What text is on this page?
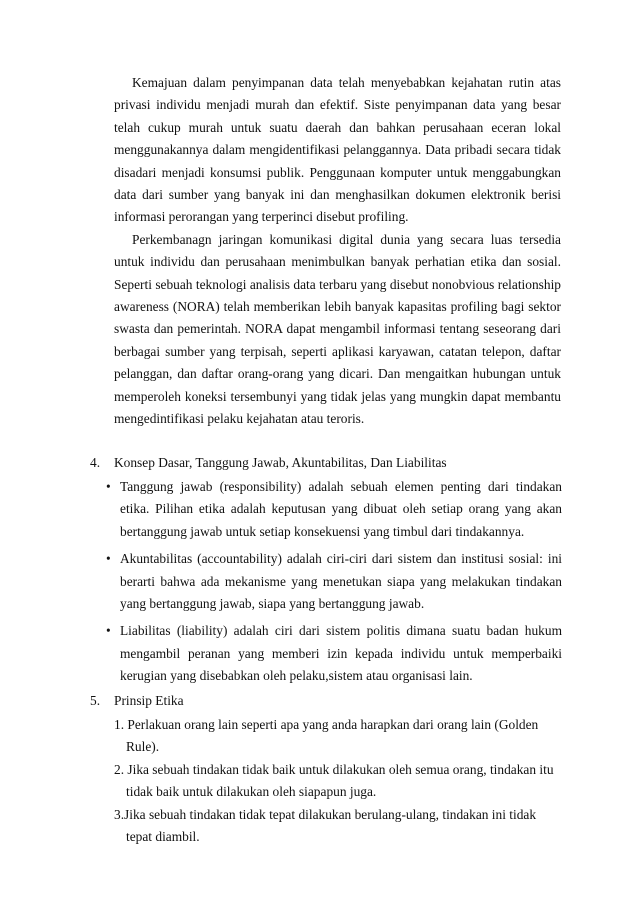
Kemajuan dalam penyimpanan data telah menyebabkan kejahatan rutin atas privasi individu menjadi murah dan efektif. Siste penyimpanan data yang besar telah cukup murah untuk suatu daerah dan bahkan perusahaan eceran lokal menggunakannya dalam mengidentifikasi pelanggannya. Data pribadi secara tidak disadari menjadi konsumsi publik. Penggunaan komputer untuk menggabungkan data dari sumber yang banyak ini dan menghasilkan dokumen elektronik berisi informasi perorangan yang terperinci disebut profiling.

Perkembanagn jaringan komunikasi digital dunia yang secara luas tersedia untuk individu dan perusahaan menimbulkan banyak perhatian etika dan sosial. Seperti sebuah teknologi analisis data terbaru yang disebut nonobvious relationship awareness (NORA) telah memberikan lebih banyak kapasitas profiling bagi sektor swasta dan pemerintah. NORA dapat mengambil informasi tentang seseorang dari berbagai sumber yang terpisah, seperti aplikasi karyawan, catatan telepon, daftar pelanggan, dan daftar orang-orang yang dicari. Dan mengaitkan hubungan untuk memperoleh koneksi tersembunyi yang tidak jelas yang mungkin dapat membantu mengedintifikasi pelaku kejahatan atau teroris.

4. Konsep Dasar, Tanggung Jawab, Akuntabilitas, Dan Liabilitas

• Tanggung jawab (responsibility) adalah sebuah elemen penting dari tindakan etika. Pilihan etika adalah keputusan yang dibuat oleh setiap orang yang akan bertanggung jawab untuk setiap konsekuensi yang timbul dari tindakannya.
• Akuntabilitas (accountability) adalah ciri-ciri dari sistem dan institusi sosial: ini berarti bahwa ada mekanisme yang menetukan siapa yang melakukan tindakan yang bertanggung jawab, siapa yang bertanggung jawab.
• Liabilitas (liability) adalah ciri dari sistem politis dimana suatu badan hukum mengambil peranan yang memberi izin kepada individu untuk memperbaiki kerugian yang disebabkan oleh pelaku,sistem atau organisasi lain.

5. Prinsip Etika

1. Perlakuan orang lain seperti apa yang anda harapkan dari orang lain (Golden Rule).
2. Jika sebuah tindakan tidak baik untuk dilakukan oleh semua orang, tindakan itu tidak baik untuk dilakukan oleh siapapun juga.
3.Jika sebuah tindakan tidak tepat dilakukan berulang-ulang, tindakan ini tidak tepat diambil.
